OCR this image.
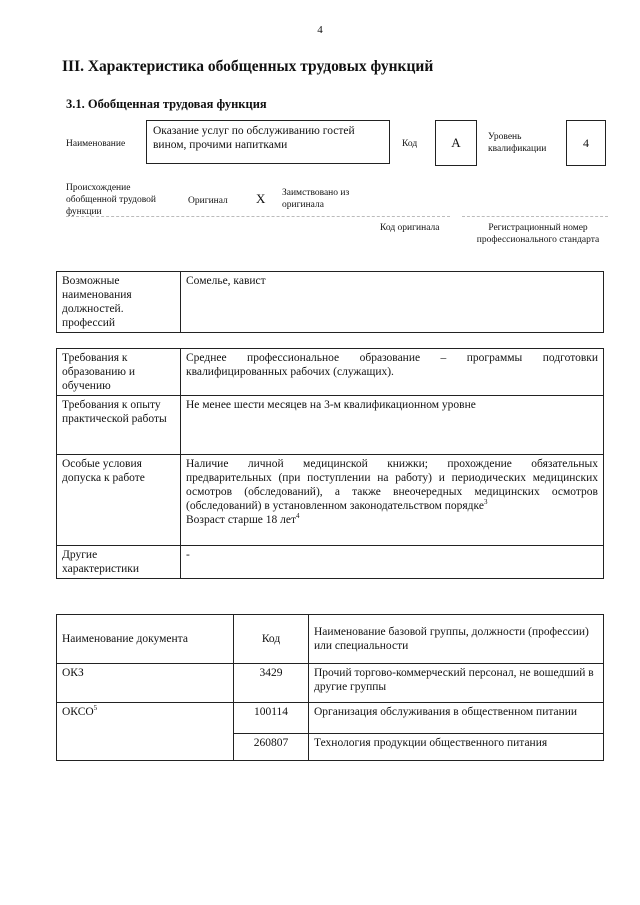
4
III. Характеристика обобщенных трудовых функций
3.1. Обобщенная трудовая функция
Наименование
Оказание услуг по обслуживанию гостей вином, прочими напитками	Код	А	Уровень квалификации	4
Происхождение обобщенной трудовой функции
Оригинал X Заимствовано из оригинала
Код оригинала	Регистрационный номер профессионального стандарта
Возможные наименования должностей. профессий	Сомелье, кавист
Требования к образованию и обучению	Среднее профессиональное образование – программы подготовки квалифицированных рабочих (служащих).
Требования к опыту практической работы	Не менее шести месяцев на 3-м квалификационном уровне
Особые условия допуска к работе	Наличие личной медицинской книжки; прохождение обязательных предварительных (при поступлении на работу) и периодических медицинских осмотров (обследований), а также внеочередных медицинских осмотров (обследований) в установленном законодательством порядке$^3$
Возраст старше 18 лет$^4$
Другие характеристики	-
Наименование документа	Код	Наименование базовой группы, должности (профессии) или специальности
ОКЗ	3429	Прочий торгово-коммерческий персонал, не вошедший в другие группы
ОКСО$^5$	100114	Организация обслуживания в общественном питании
	260807	Технология продукции общественного питания
